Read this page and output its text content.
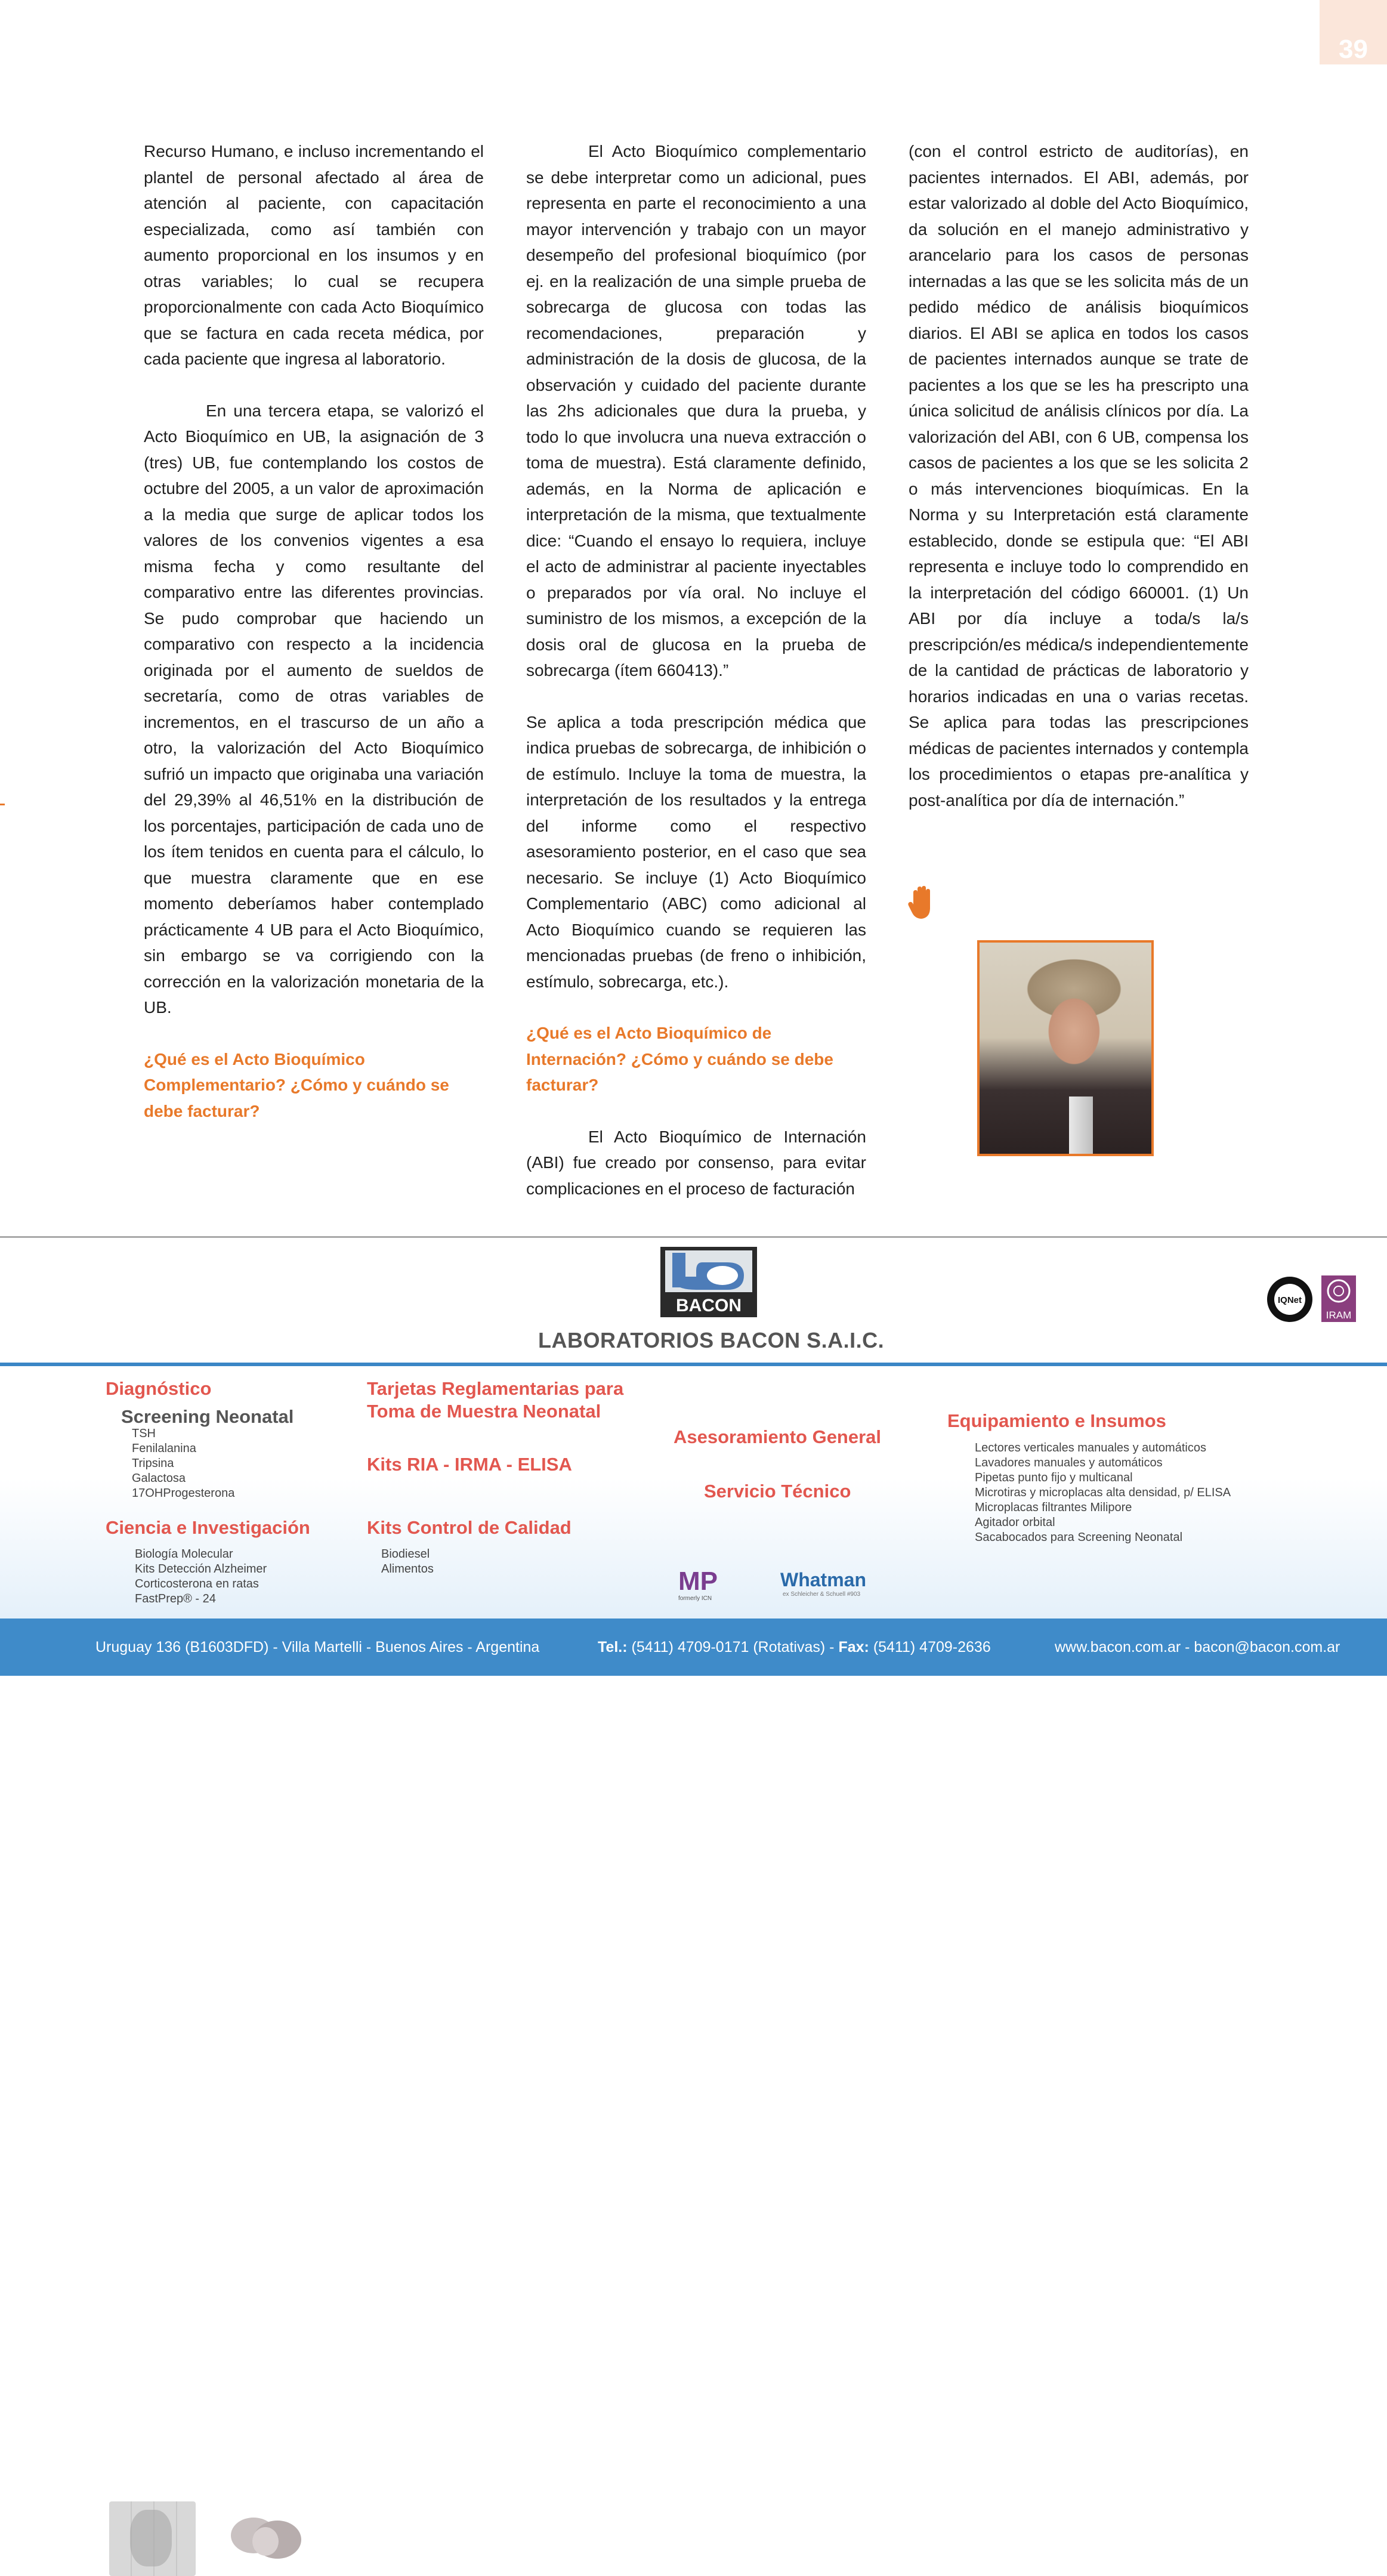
39

Recurso Humano, e incluso incrementando el plantel de personal afectado al área de atención al paciente, con capacitación especializada, como así también con aumento proporcional en los insumos y en otras variables; lo cual se recupera proporcionalmente con cada Acto Bioquímico que se factura en cada receta médica, por cada paciente que ingresa al laboratorio.

En una tercera etapa, se valorizó el Acto Bioquímico en UB, la asignación de 3 (tres) UB, fue contemplando los costos de octubre del 2005, a un valor de aproximación a la media que surge de aplicar todos los valores de los convenios vigentes a esa misma fecha y como resultante del comparativo entre las diferentes provincias. Se pudo comprobar que haciendo un comparativo con respecto a la incidencia originada por el aumento de sueldos de secretaría, como de otras variables de incrementos, en el trascurso de un año a otro, la valorización del Acto Bioquímico sufrió un impacto que originaba una variación del 29,39% al 46,51% en la distribución de los porcentajes, participación de cada uno de los ítem tenidos en cuenta para el cálculo, lo que muestra claramente que en ese momento deberíamos haber contemplado prácticamente 4 UB para el Acto Bioquímico, sin embargo se va corrigiendo con la corrección en la valorización monetaria de la UB.

¿Qué es el Acto Bioquímico Complementario? ¿Cómo y cuándo se debe facturar?

El Acto Bioquímico complementario se debe interpretar como un adicional, pues representa en parte el reconocimiento a una mayor intervención y trabajo con un mayor desempeño del profesional bioquímico (por ej. en la realización de una simple prueba de sobrecarga de glucosa con todas las recomendaciones, preparación y administración de la dosis de glucosa, de la observación y cuidado del paciente durante las 2hs adicionales que dura la prueba, y todo lo que involucra una nueva extracción o toma de muestra). Está claramente definido, además, en la Norma de aplicación e interpretación de la misma, que textualmente dice: “Cuando el ensayo lo requiera, incluye el acto de administrar al paciente inyectables o preparados por vía oral. No incluye el suministro de los mismos, a excepción de la dosis oral de glucosa en la prueba de sobrecarga (ítem 660413).”

Se aplica a toda prescripción médica que indica pruebas de sobrecarga, de inhibición o de estímulo. Incluye la toma de muestra, la interpretación de los resultados y la entrega del informe como el respectivo asesoramiento posterior, en el caso que sea necesario. Se incluye (1) Acto Bioquímico Complementario (ABC) como adicional al Acto Bioquímico cuando se requieren las mencionadas pruebas (de freno o inhibición, estímulo, sobrecarga, etc.).

¿Qué es el Acto Bioquímico de Internación? ¿Cómo y cuándo se debe facturar?

El Acto Bioquímico de Internación (ABI) fue creado por consenso, para evitar complicaciones en el proceso de facturación

(con el control estricto de auditorías), en pacientes internados. El ABI, además, por estar valorizado al doble del Acto Bioquímico, da solución en el manejo administrativo y arancelario para los casos de personas internadas a las que se les solicita más de un pedido médico de análisis bioquímicos diarios. El ABI se aplica en todos los casos de pacientes internados aunque se trate de pacientes a los que se les ha prescripto una única solicitud de análisis clínicos por día. La valorización del ABI, con 6 UB, compensa los casos de pacientes a los que se les solicita 2 o más intervenciones bioquímicas. En la Norma y su Interpretación está claramente establecido, donde se estipula que: “El ABI representa e incluye todo lo comprendido en la interpretación del código 660001. (1) Un ABI por día incluye a toda/s la/s prescripción/es médica/s independientemente de la cantidad de prácticas de laboratorio y horarios indicadas en una o varias recetas. Se aplica para todas las prescripciones médicas de pacientes internados y contempla los procedimientos o etapas pre-analítica y post-analítica por día de internación.”

BACON
LABORATORIOS BACON S.A.I.C.
IQNet
IRAM
Diagnóstico
Screening Neonatal
TSH
Fenilalanina
Tripsina
Galactosa
17OHProgesterona
Ciencia e Investigación
Biología Molecular
Kits Detección Alzheimer
Corticosterona en ratas
FastPrep® - 24
Tarjetas Reglamentarias para
Toma de Muestra Neonatal
Kits RIA - IRMA - ELISA
Kits Control de Calidad
Biodiesel
Alimentos
Asesoramiento General
Servicio Técnico
Equipamiento e Insumos
Lectores verticales manuales y automáticos
Lavadores manuales y automáticos
Pipetas punto fijo y multicanal
Microtiras y microplacas alta densidad, p/ ELISA
Microplacas filtrantes Milipore
Agitador orbital
Sacabocados para Screening Neonatal
MP
formerly ICN
Whatman
ex Schleicher & Schuell #903
Uruguay 136 (B1603DFD) - Villa Martelli - Buenos Aires - Argentina	Tel.: (5411) 4709-0171 (Rotativas) - Fax: (5411) 4709-2636	www.bacon.com.ar - bacon@bacon.com.ar
